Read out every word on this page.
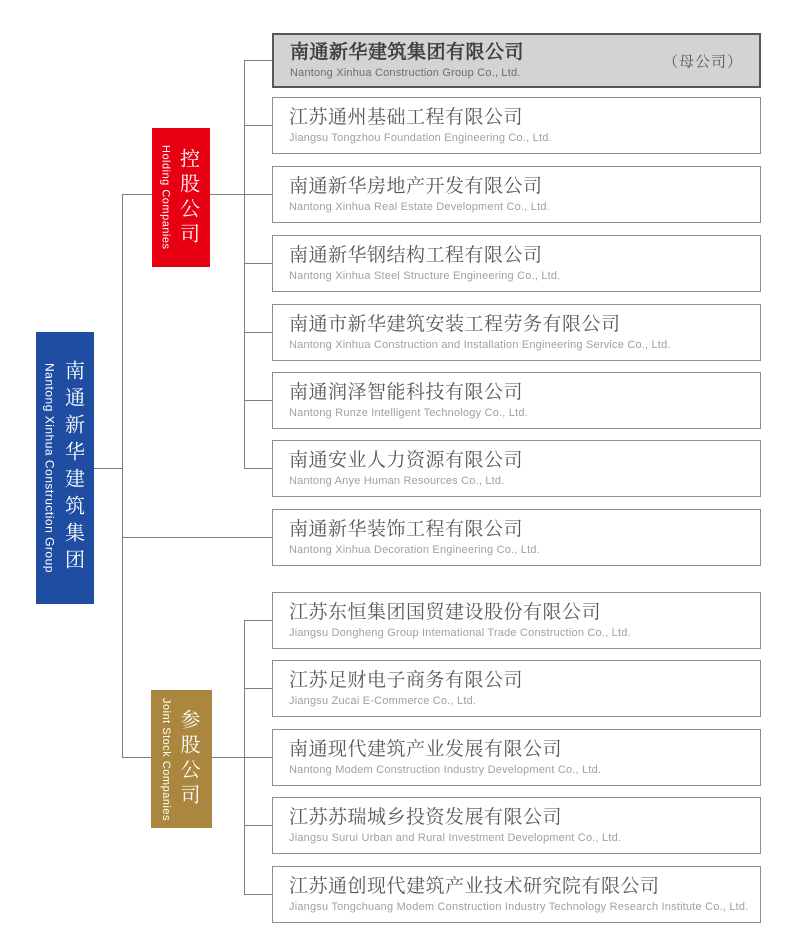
Nantong Xinhua Construction Group 南通新华建筑集团
Holding Companies 控股公司
Joint Stock Companies 参股公司
南通新华建筑集团有限公司
Nantong Xinhua Construction Group Co., Ltd.
（母公司）
江苏通州基础工程有限公司
Jiangsu Tongzhou Foundation Engineering Co., Ltd.
南通新华房地产开发有限公司
Nantong Xinhua Real Estate Development Co., Ltd.
南通新华钢结构工程有限公司
Nantong Xinhua Steel Structure Engineering Co., Ltd.
南通市新华建筑安装工程劳务有限公司
Nantong Xinhua Construction and Installation Engineering Service Co., Ltd.
南通润泽智能科技有限公司
Nantong Runze Intelligent Technology Co., Ltd.
南通安业人力资源有限公司
Nantong Anye Human Resources Co., Ltd.
南通新华装饰工程有限公司
Nantong Xinhua Decoration Engineering Co., Ltd.
江苏东恒集团国贸建设股份有限公司
Jiangsu Dongheng Group Intemational Trade Construction Co., Ltd.
江苏足财电子商务有限公司
Jiangsu Zucai E-Commerce Co., Ltd.
南通现代建筑产业发展有限公司
Nantong Modem Construction Industry Development Co., Ltd.
江苏苏瑞城乡投资发展有限公司
Jiangsu Surui Urban and Rural Investment Development Co., Ltd.
江苏通创现代建筑产业技术研究院有限公司
Jiangsu Tongchuang Modem Construction Industry Technology Research Institute Co., Ltd.
